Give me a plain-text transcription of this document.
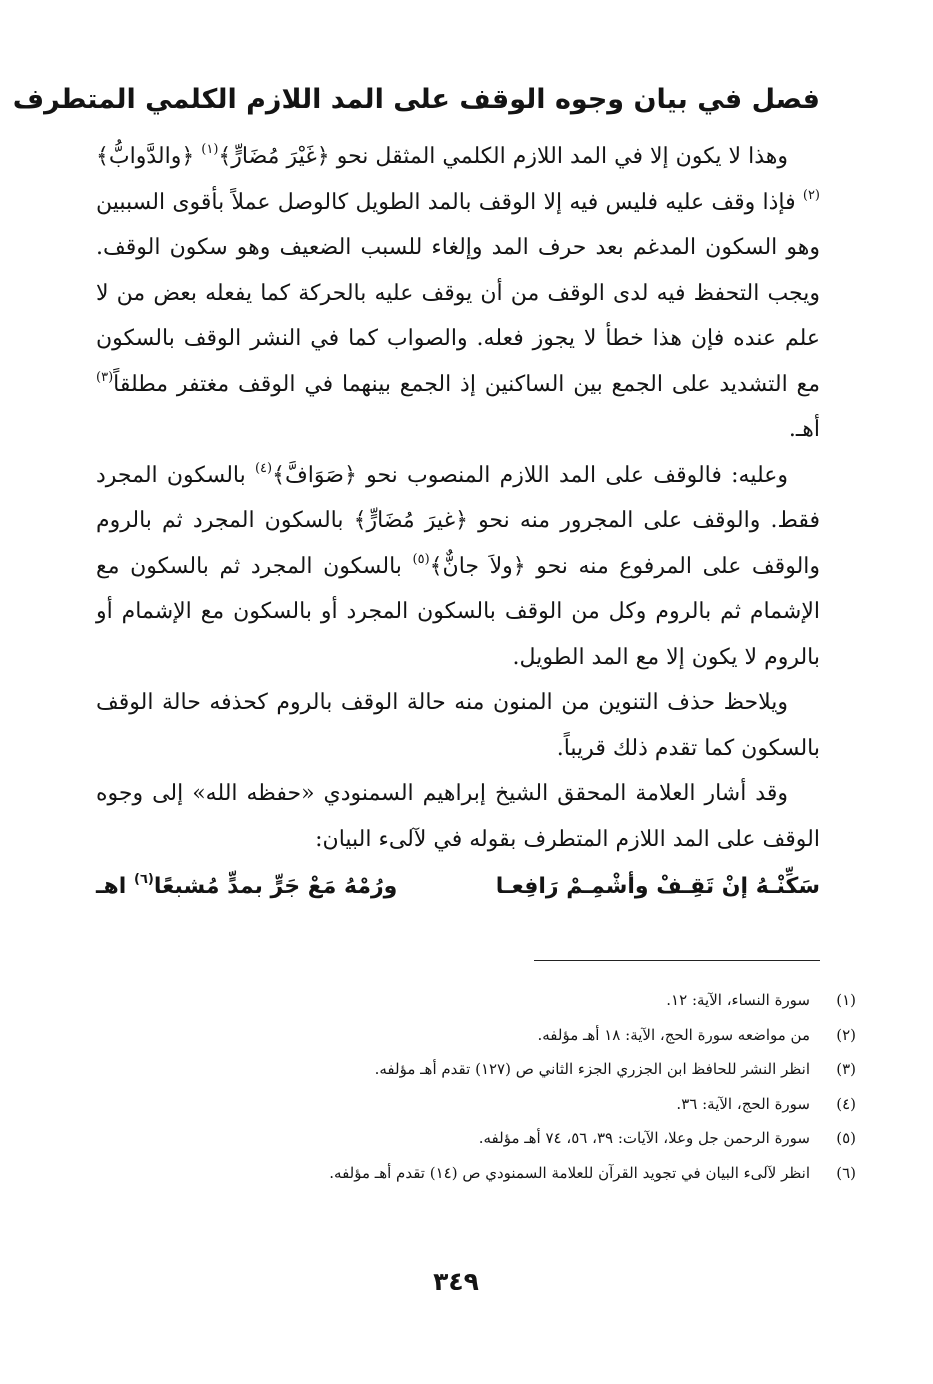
فصل في بيان وجوه الوقف على المد اللازم الكلمي المتطرف

وهذا لا يكون إلا في المد اللازم الكلمي المثقل نحو ﴿غَيْرَ مُضَارٍّ﴾$^{(١)}$ ﴿والدَّوابُّ﴾$^{(٢)}$ فإذا وقف عليه فليس فيه إلا الوقف بالمد الطويل كالوصل عملاً بأقوى السببين وهو السكون المدغم بعد حرف المد وإلغاء للسبب الضعيف وهو سكون الوقف. ويجب التحفظ فيه لدى الوقف من أن يوقف عليه بالحركة كما يفعله بعض من لا علم عنده فإن هذا خطأ لا يجوز فعله. والصواب كما في النشر الوقف بالسكون مع التشديد على الجمع بين الساكنين إذ الجمع بينهما في الوقف مغتفر مطلقاً$^{(٣)}$ أهـ.

وعليه: فالوقف على المد اللازم المنصوب نحو ﴿صَوَافَّ﴾$^{(٤)}$ بالسكون المجرد فقط. والوقف على المجرور منه نحو ﴿غيرَ مُضَارٍّ﴾ بالسكون المجرد ثم بالروم والوقف على المرفوع منه نحو ﴿ولاَ جانٌّ﴾$^{(٥)}$ بالسكون المجرد ثم بالسكون مع الإشمام ثم بالروم وكل من الوقف بالسكون المجرد أو بالسكون مع الإشمام أو بالروم لا يكون إلا مع المد الطويل.

ويلاحظ حذف التنوين من المنون منه حالة الوقف بالروم كحذفه حالة الوقف بالسكون كما تقدم ذلك قريباً.

وقد أشار العلامة المحقق الشيخ إبراهيم السمنودي «حفظه الله» إلى وجوه الوقف على المد اللازم المتطرف بقوله في لآلىء البيان:

سَكِّنْـهُ إنْ تَقِـفْ وأشْمِـمْ رَافِعـا
ورُمْهُ مَعْ جَرٍّ بمدٍّ مُشبعًا$^{(٦)}$ اهـ
(١)سورة النساء، الآية: ١٢.
(٢)من مواضعه سورة الحج، الآية: ١٨ أهـ مؤلفه.
(٣)انظر النشر للحافظ ابن الجزري الجزء الثاني ص (١٢٧) تقدم أهـ مؤلفه.
(٤)سورة الحج، الآية: ٣٦.
(٥)سورة الرحمن جل وعلا، الآيات: ٣٩، ٥٦، ٧٤ أهـ مؤلفه.
(٦)انظر لآلىء البيان في تجويد القرآن للعلامة السمنودي ص (١٤) تقدم أهـ مؤلفه.
٣٤٩
